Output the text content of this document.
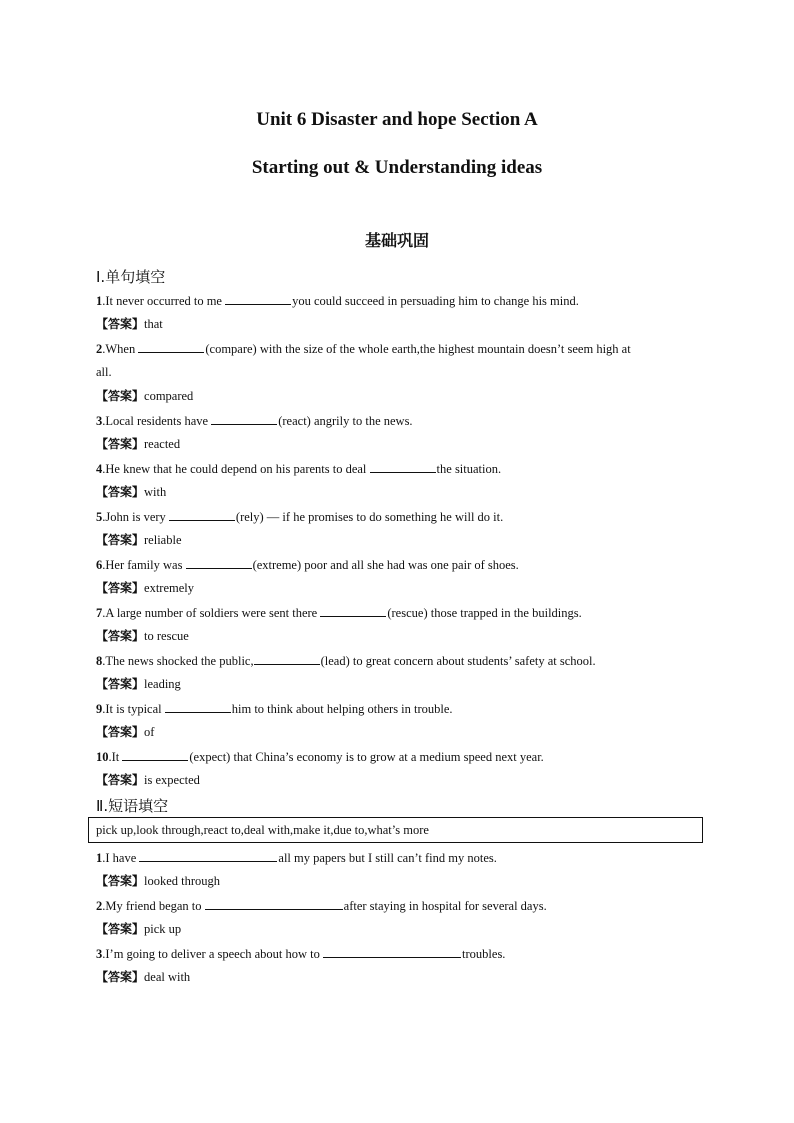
Unit 6 Disaster and hope Section A
Starting out & Understanding ideas
基础巩固
Ⅰ.单句填空
1.It never occurred to me	you could succeed in persuading him to change his mind.
【答案】that
2.When	(compare) with the size of the whole earth,the highest mountain doesn’t seem high at
all.
【答案】compared
3.Local residents have	(react) angrily to the news.
【答案】reacted
4.He knew that he could depend on his parents to deal	the situation.
【答案】with
5.John is very	(rely) — if he promises to do something he will do it.
【答案】reliable
6.Her family was	(extreme) poor and all she had was one pair of shoes.
【答案】extremely
7.A large number of soldiers were sent there	(rescue) those trapped in the buildings.
【答案】to rescue
8.The news shocked the public,	(lead) to great concern about students’ safety at school.
【答案】leading
9.It is typical	him to think about helping others in trouble.
【答案】of
10.It	(expect) that China’s economy is to grow at a medium speed next year.
【答案】is expected
Ⅱ.短语填空
pick up,look through,react to,deal with,make it,due to,what’s more
1.I have	all my papers but I still can’t find my notes.
【答案】looked through
2.My friend began to	after staying in hospital for several days.
【答案】pick up
3.I’m going to deliver a speech about how to	troubles.
【答案】deal with
